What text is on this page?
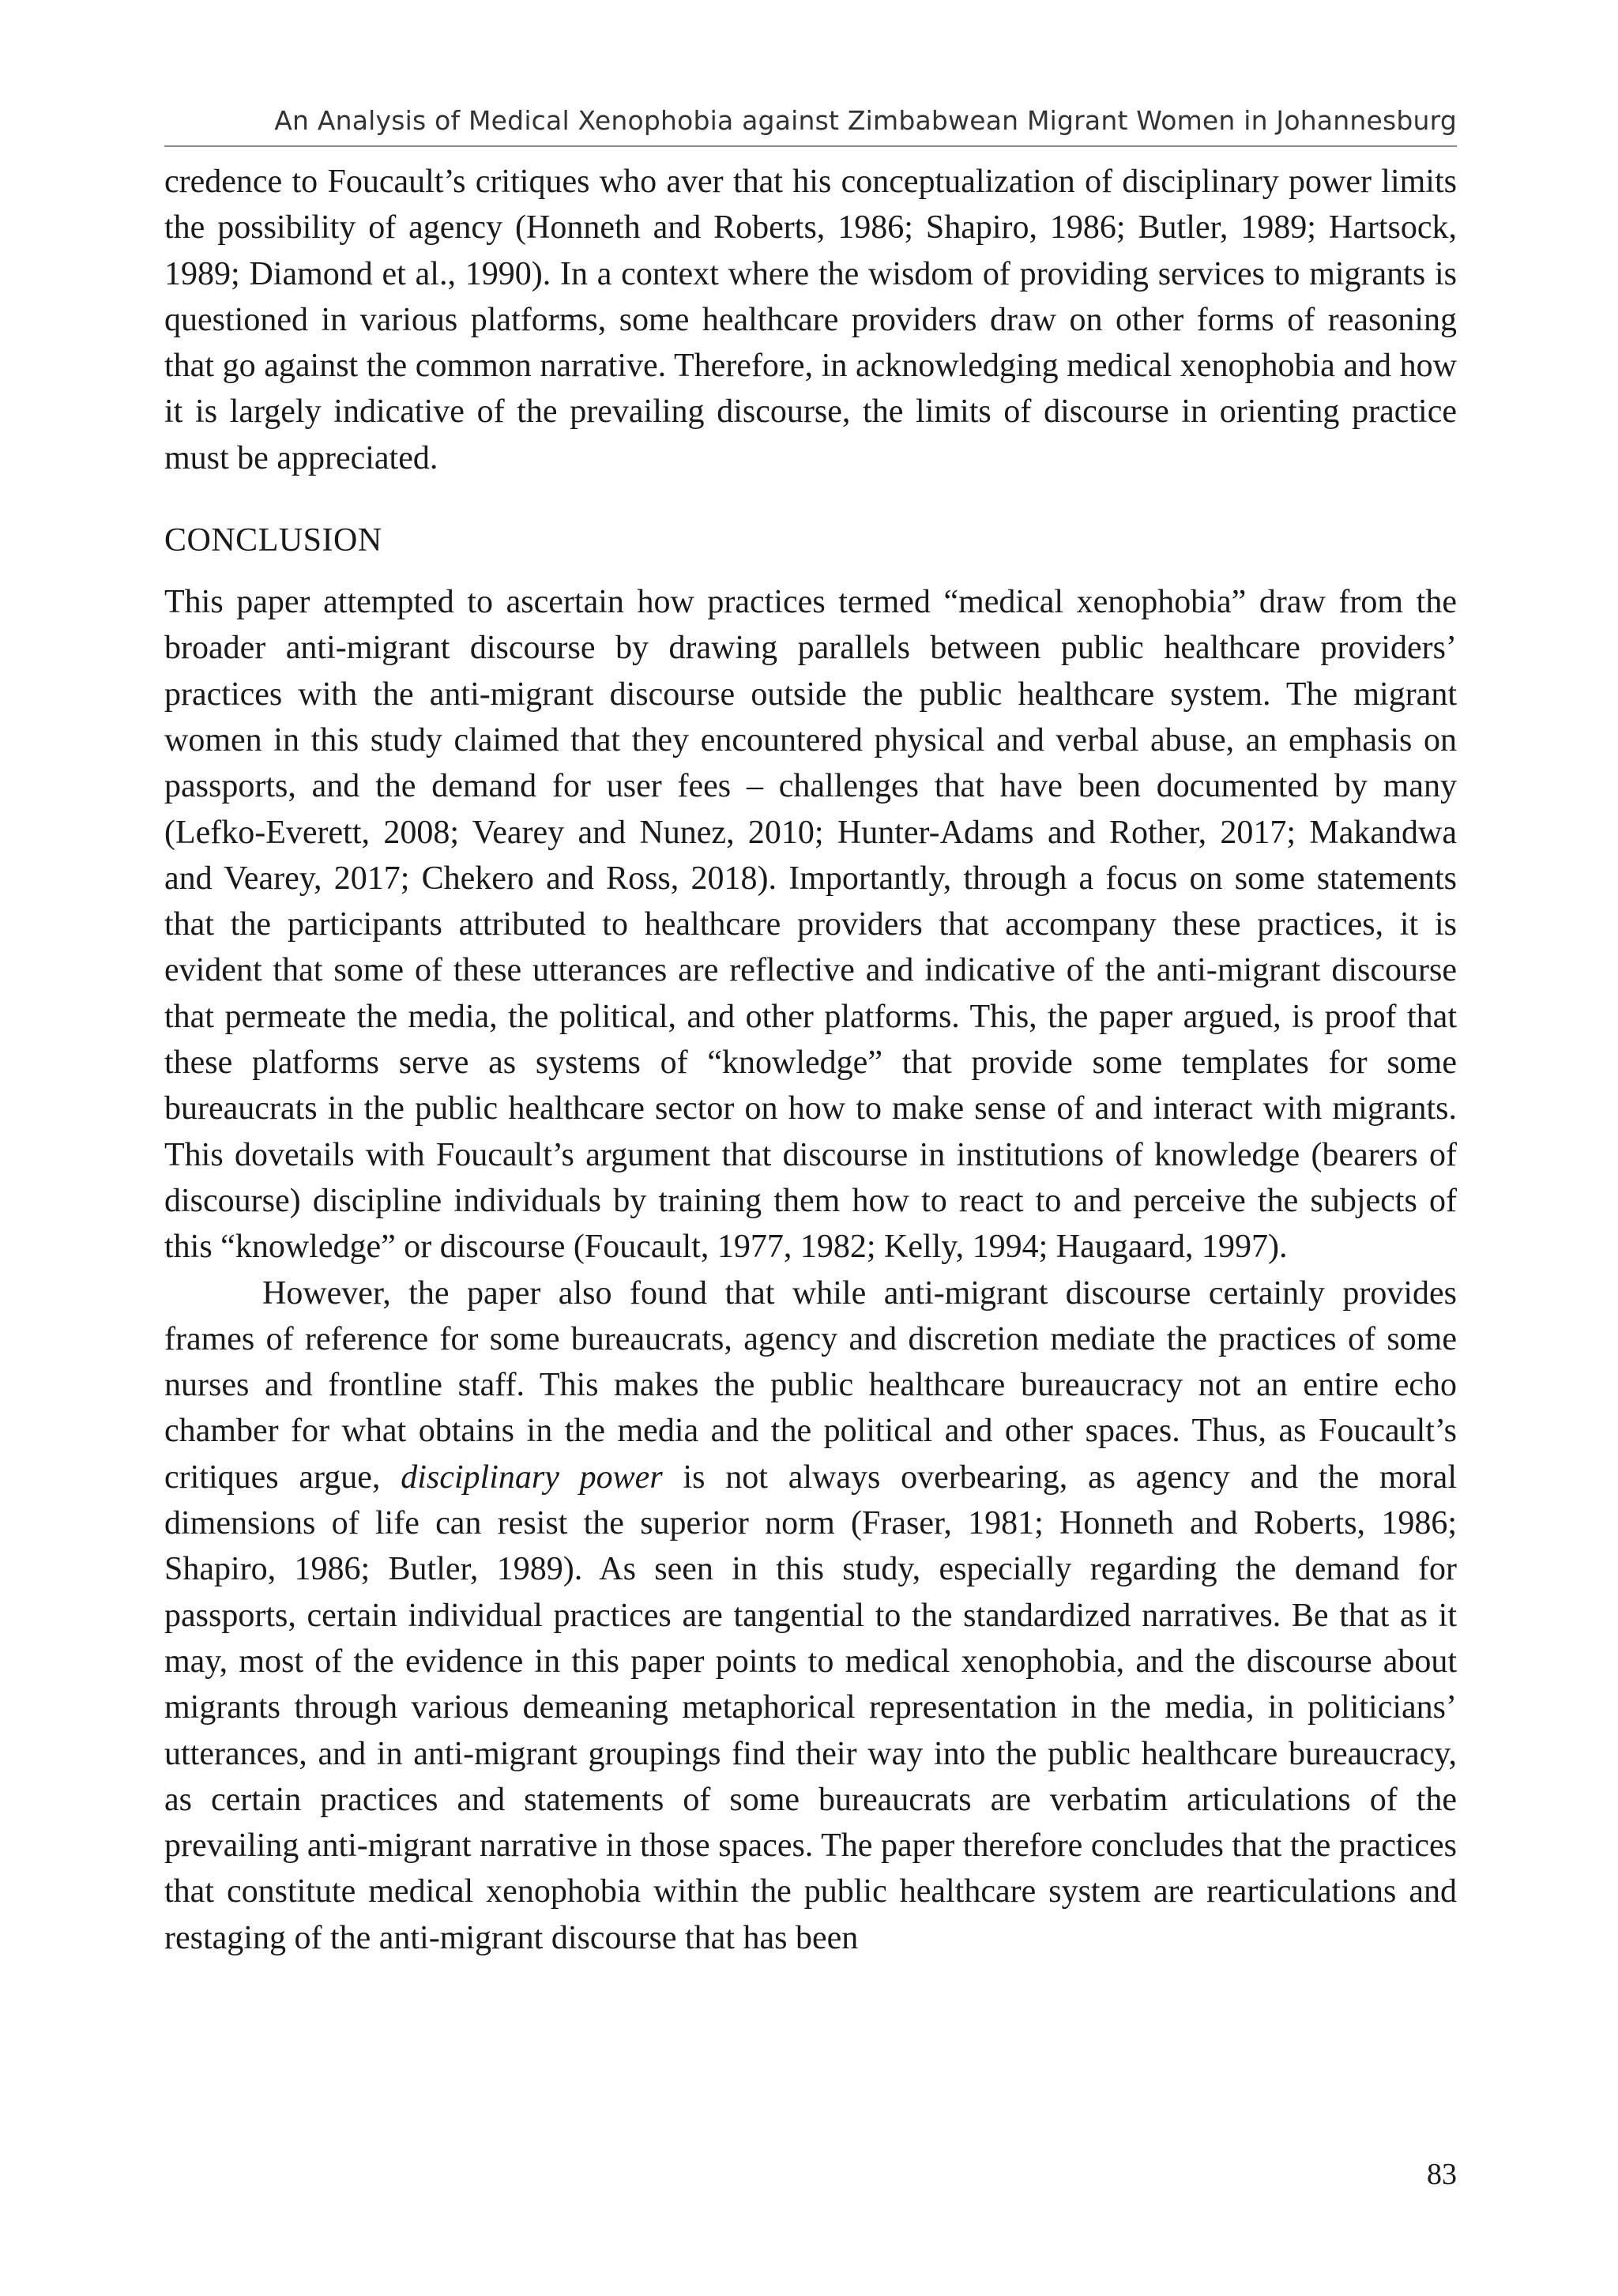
An Analysis of Medical Xenophobia against Zimbabwean Migrant Women in Johannesburg

credence to Foucault’s critiques who aver that his conceptualization of disciplinary power limits the possibility of agency (Honneth and Roberts, 1986; Shapiro, 1986; Butler, 1989; Hartsock, 1989; Diamond et al., 1990). In a context where the wisdom of providing services to migrants is questioned in various platforms, some healthcare providers draw on other forms of reasoning that go against the common narrative. Therefore, in acknowledging medical xenophobia and how it is largely indicative of the prevailing discourse, the limits of discourse in orienting practice must be appreciated.

CONCLUSION

This paper attempted to ascertain how practices termed “medical xenophobia” draw from the broader anti-migrant discourse by drawing parallels between public healthcare providers’ practices with the anti-migrant discourse outside the public healthcare system. The migrant women in this study claimed that they encountered physical and verbal abuse, an emphasis on passports, and the demand for user fees – challenges that have been documented by many (Lefko-Everett, 2008; Vearey and Nunez, 2010; Hunter-Adams and Rother, 2017; Makandwa and Vearey, 2017; Chekero and Ross, 2018). Importantly, through a focus on some statements that the participants attributed to healthcare providers that accompany these practices, it is evident that some of these utterances are reflective and indicative of the anti-migrant discourse that permeate the media, the political, and other platforms. This, the paper argued, is proof that these platforms serve as systems of “knowledge” that provide some templates for some bureaucrats in the public healthcare sector on how to make sense of and interact with migrants. This dovetails with Foucault’s argument that discourse in institutions of knowledge (bearers of discourse) discipline individuals by training them how to react to and perceive the subjects of this “knowledge” or discourse (Foucault, 1977, 1982; Kelly, 1994; Haugaard, 1997).

However, the paper also found that while anti-migrant discourse certainly provides frames of reference for some bureaucrats, agency and discretion mediate the practices of some nurses and frontline staff. This makes the public healthcare bureaucracy not an entire echo chamber for what obtains in the media and the political and other spaces. Thus, as Foucault’s critiques argue, disciplinary power is not always overbearing, as agency and the moral dimensions of life can resist the superior norm (Fraser, 1981; Honneth and Roberts, 1986; Shapiro, 1986; Butler, 1989). As seen in this study, especially regarding the demand for passports, certain individual practices are tangential to the standardized narratives. Be that as it may, most of the evidence in this paper points to medical xenophobia, and the discourse about migrants through various demeaning metaphorical representation in the media, in politicians’ utterances, and in anti-migrant groupings find their way into the public healthcare bureaucracy, as certain practices and statements of some bureaucrats are verbatim articulations of the prevailing anti-migrant narrative in those spaces. The paper therefore concludes that the practices that constitute medical xenophobia within the public healthcare system are rearticulations and restaging of the anti-migrant discourse that has been

83
